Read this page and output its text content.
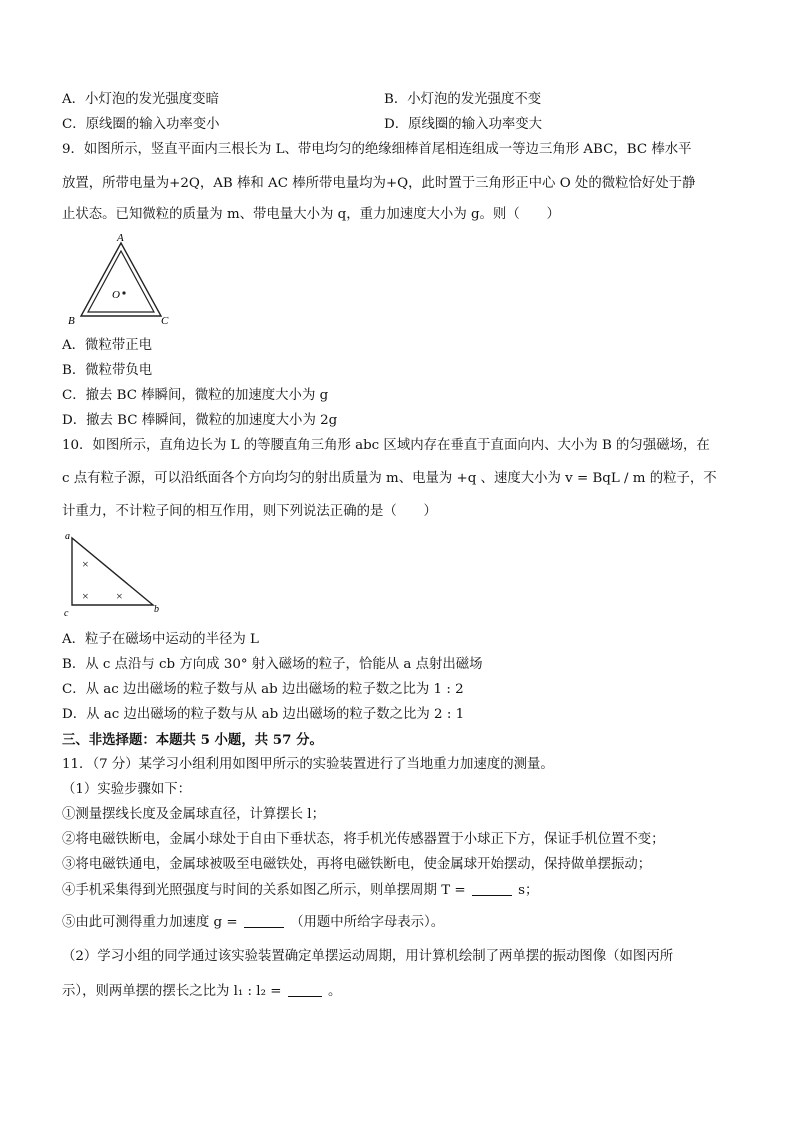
A．小灯泡的发光强度变暗	B．小灯泡的发光强度不变
C．原线圈的输入功率变小	D．原线圈的输入功率变大
9．如图所示，竖直平面内三根长为 L、带电均匀的绝缘细棒首尾相连组成一等边三角形 ABC，BC 棒水平
放置，所带电量为+2Q，AB 棒和 AC 棒所带电量均为+Q，此时置于三角形正中心 O 处的微粒恰好处于静
止状态。已知微粒的质量为 m、带电量大小为 q，重力加速度大小为 g。则（　　）
A
B	C
O
A．微粒带正电
B．微粒带负电
C．撤去 BC 棒瞬间，微粒的加速度大小为 g
D．撤去 BC 棒瞬间，微粒的加速度大小为 2g
10．如图所示，直角边长为 L 的等腰直角三角形 abc 区域内存在垂直于直面向内、大小为 B 的匀强磁场，在
c 点有粒子源，可以沿纸面各个方向均匀的射出质量为 m、电量为 +q 、速度大小为 v = BqL / m 的粒子，不
计重力，不计粒子间的相互作用，则下列说法正确的是（　　）
a
b
c
×
× ×
A．粒子在磁场中运动的半径为 L
B．从 c 点沿与 cb 方向成 30° 射入磁场的粒子，恰能从 a 点射出磁场
C．从 ac 边出磁场的粒子数与从 ab 边出磁场的粒子数之比为 1 : 2
D．从 ac 边出磁场的粒子数与从 ab 边出磁场的粒子数之比为 2 : 1
三、非选择题：本题共 5 小题，共 57 分。
11．（7 分）某学习小组利用如图甲所示的实验装置进行了当地重力加速度的测量。
（1）实验步骤如下：
①测量摆线长度及金属球直径，计算摆长 l；
②将电磁铁断电，金属小球处于自由下垂状态，将手机光传感器置于小球正下方，保证手机位置不变；
③将电磁铁通电，金属球被吸至电磁铁处，再将电磁铁断电，使金属球开始摆动，保持做单摆振动；
④手机采集得到光照强度与时间的关系如图乙所示，则单摆周期 T =	s；
⑤由此可测得重力加速度 g =	（用题中所给字母表示）。
（2）学习小组的同学通过该实验装置确定单摆运动周期，用计算机绘制了两单摆的振动图像（如图丙所
示），则两单摆的摆长之比为 l₁ : l₂ =	。
